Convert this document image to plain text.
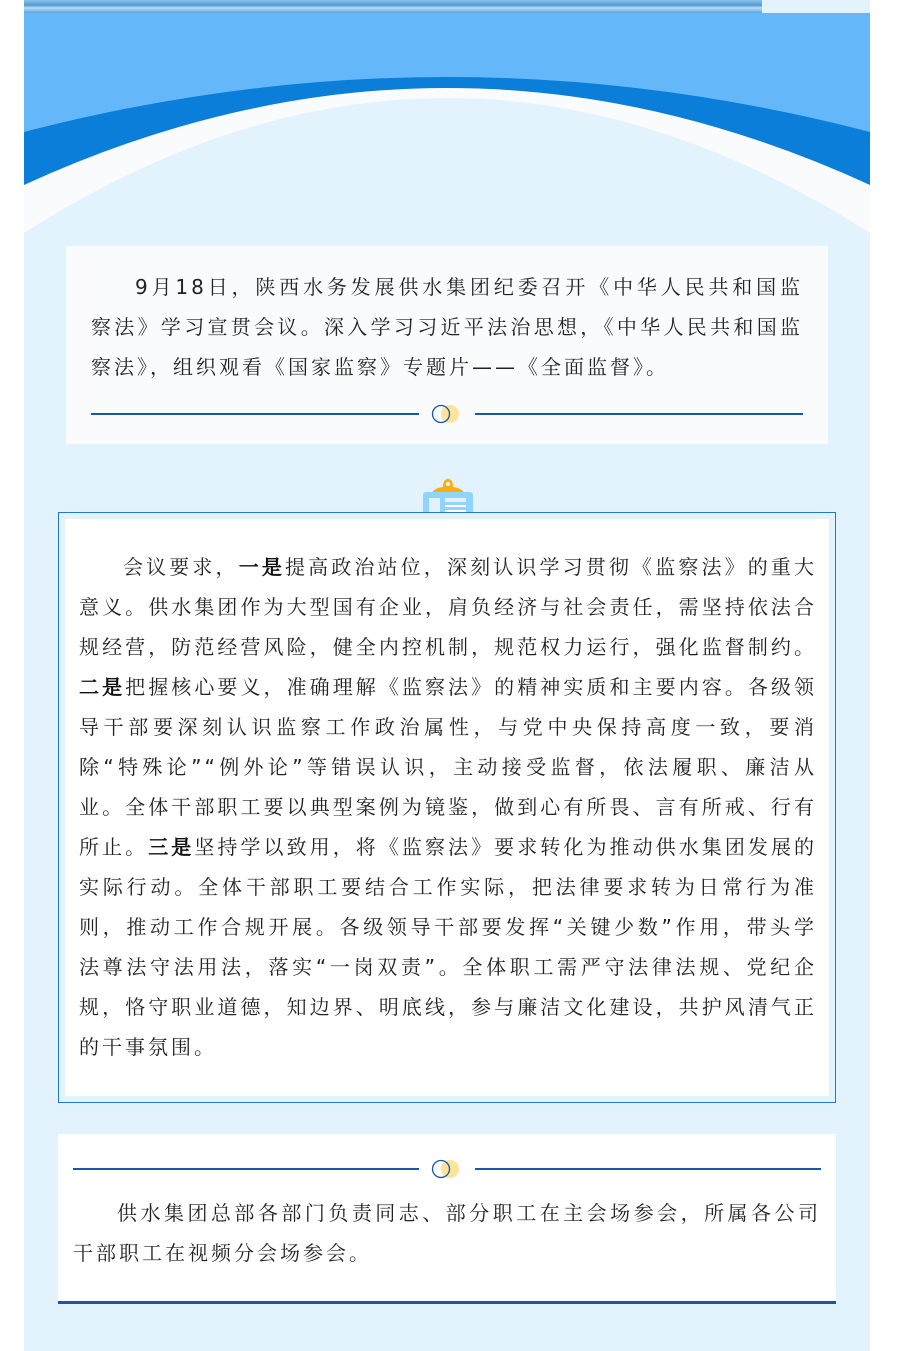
9月18日，陕西水务发展供水集团纪委召开《中华人民共和国监察法》学习宣贯会议。深入学习习近平法治思想，《中华人民共和国监察法》，组织观看《国家监察》专题片——《全面监督》。

会议要求，一是提高政治站位，深刻认识学习贯彻《监察法》的重大意义。供水集团作为大型国有企业，肩负经济与社会责任，需坚持依法合规经营，防范经营风险，健全内控机制，规范权力运行，强化监督制约。二是把握核心要义，准确理解《监察法》的精神实质和主要内容。各级领导干部要深刻认识监察工作政治属性，与党中央保持高度一致，要消除“特殊论”“例外论”等错误认识，主动接受监督，依法履职、廉洁从业。全体干部职工要以典型案例为镜鉴，做到心有所畏、言有所戒、行有所止。三是坚持学以致用，将《监察法》要求转化为推动供水集团发展的实际行动。全体干部职工要结合工作实际，把法律要求转为日常行为准则，推动工作合规开展。各级领导干部要发挥“关键少数”作用，带头学法尊法守法用法，落实“一岗双责”。全体职工需严守法律法规、党纪企规，恪守职业道德，知边界、明底线，参与廉洁文化建设，共护风清气正的干事氛围。

供水集团总部各部门负责同志、部分职工在主会场参会，所属各公司干部职工在视频分会场参会。
